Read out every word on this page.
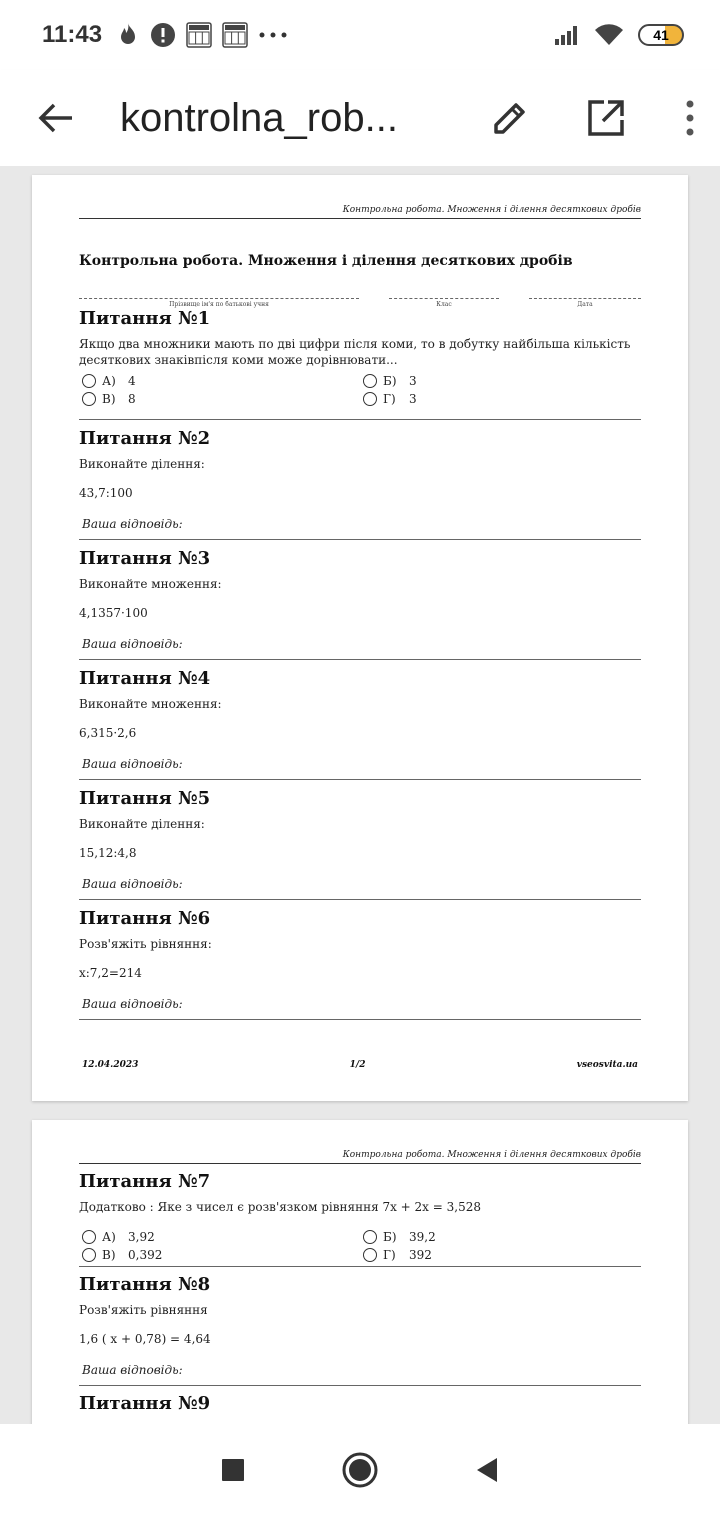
11:43	41
kontrolna_rob...
Контрольна робота. Множення і ділення десяткових дробів
Контрольна робота. Множення і ділення десяткових дробів
Прізвище ім'я по батькові учня	Клас	Дата
Питання №1
Якщо два множники мають по дві цифри після коми, то в добутку найбільша кількість десяткових знаківпісля коми може дорівнювати...
А)	4	Б)	3
В)	8	Г)	3
Питання №2
Виконайте ділення:
43,7:100
Ваша відповідь:
Питання №3
Виконайте множення:
4,1357·100
Ваша відповідь:
Питання №4
Виконайте множення:
6,315·2,6
Ваша відповідь:
Питання №5
Виконайте ділення:
15,12:4,8
Ваша відповідь:
Питання №6
Розв'яжіть рівняння:
x:7,2=214
Ваша відповідь:
12.04.2023	1/2	vseosvita.ua
Контрольна робота. Множення і ділення десяткових дробів
Питання №7
Додатково : Яке з чисел є розв'язком рівняння 7x + 2x = 3,528
А)	3,92	Б)	39,2
В)	0,392	Г)	392
Питання №8
Розв'яжіть рівняння
1,6 ( x + 0,78) = 4,64
Ваша відповідь:
Питання №9
